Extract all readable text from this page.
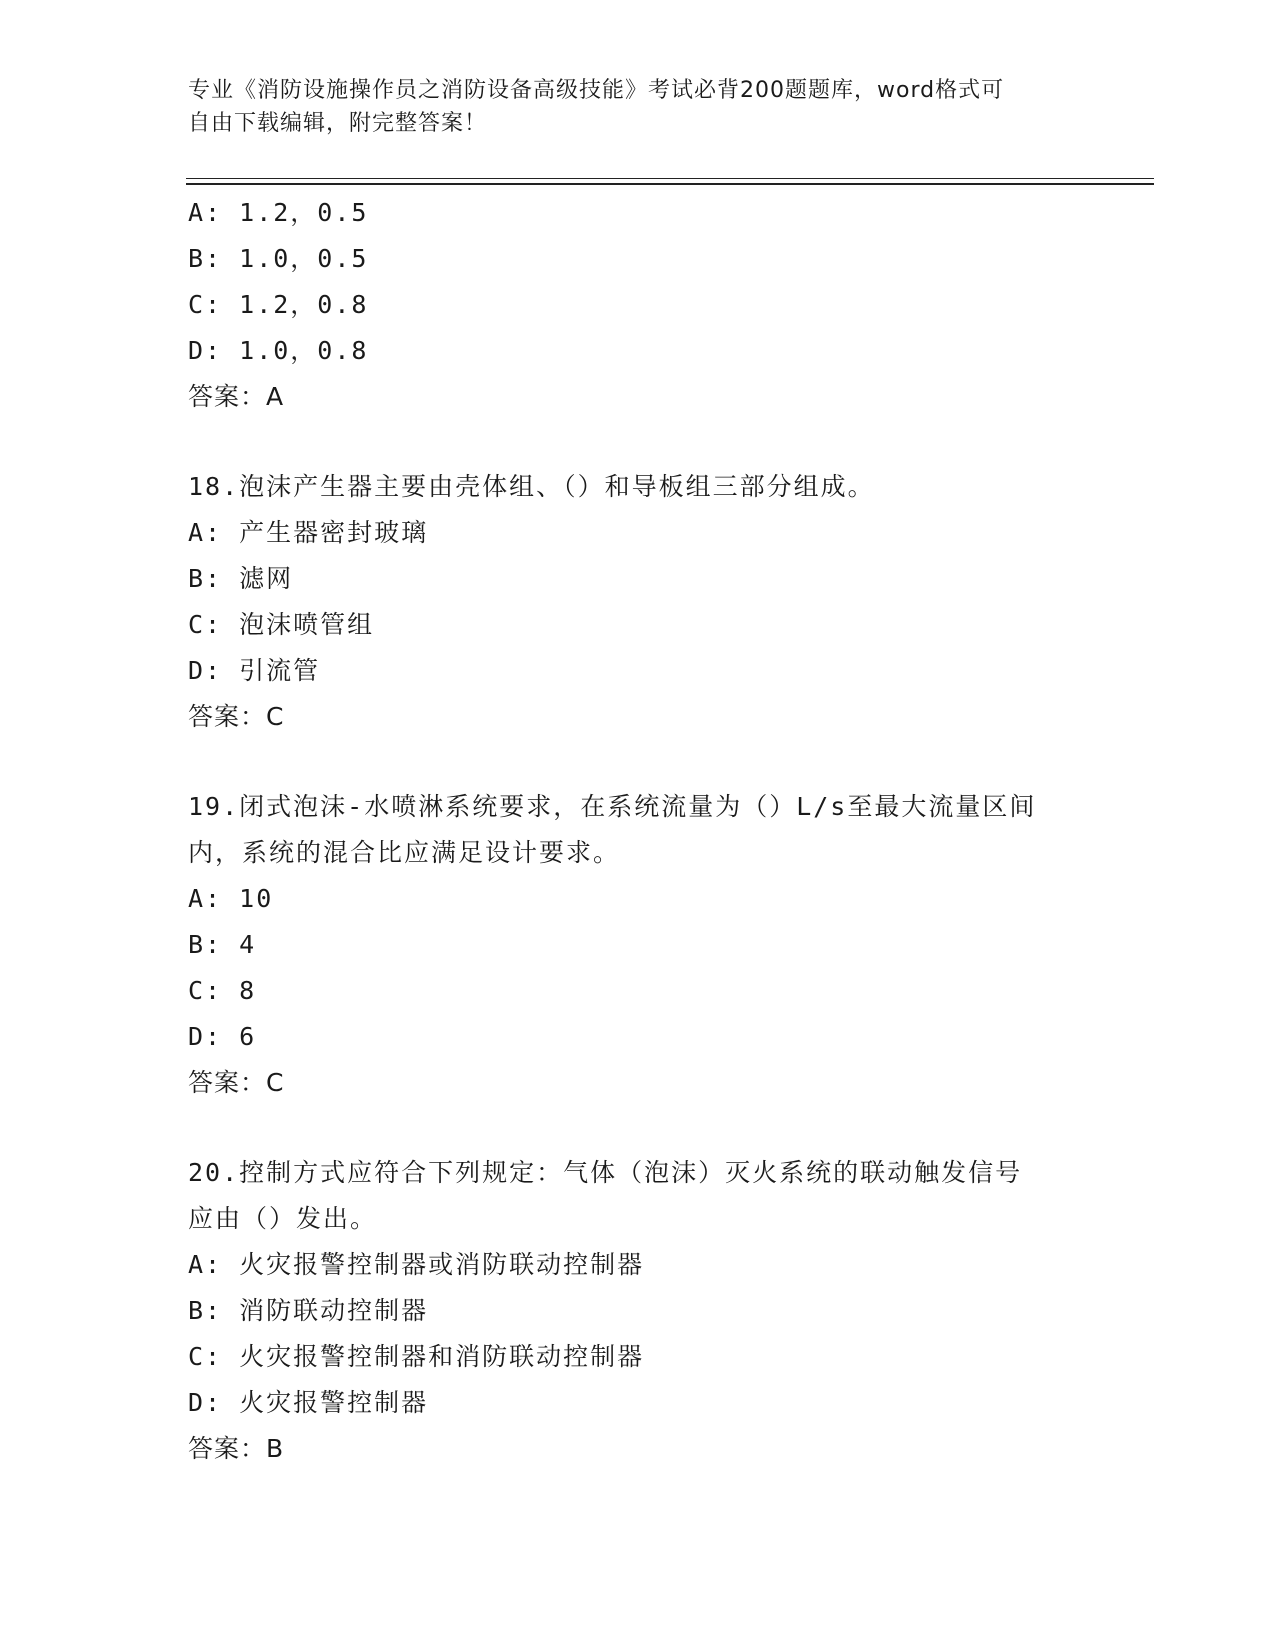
专业《消防设施操作员之消防设备高级技能》考试必背200题题库，word格式可
自由下载编辑，附完整答案！
A: 1.2，0.5
B: 1.0，0.5
C: 1.2，0.8
D: 1.0，0.8
答案：A
18.泡沫产生器主要由壳体组、（）和导板组三部分组成。
A: 产生器密封玻璃
B: 滤网
C: 泡沫喷管组
D: 引流管
答案：C
19.闭式泡沫-水喷淋系统要求，在系统流量为（）L/s至最大流量区间
内，系统的混合比应满足设计要求。
A: 10
B: 4
C: 8
D: 6
答案：C
20.控制方式应符合下列规定：气体（泡沫）灭火系统的联动触发信号
应由（）发出。
A: 火灾报警控制器或消防联动控制器
B: 消防联动控制器
C: 火灾报警控制器和消防联动控制器
D: 火灾报警控制器
答案：B
